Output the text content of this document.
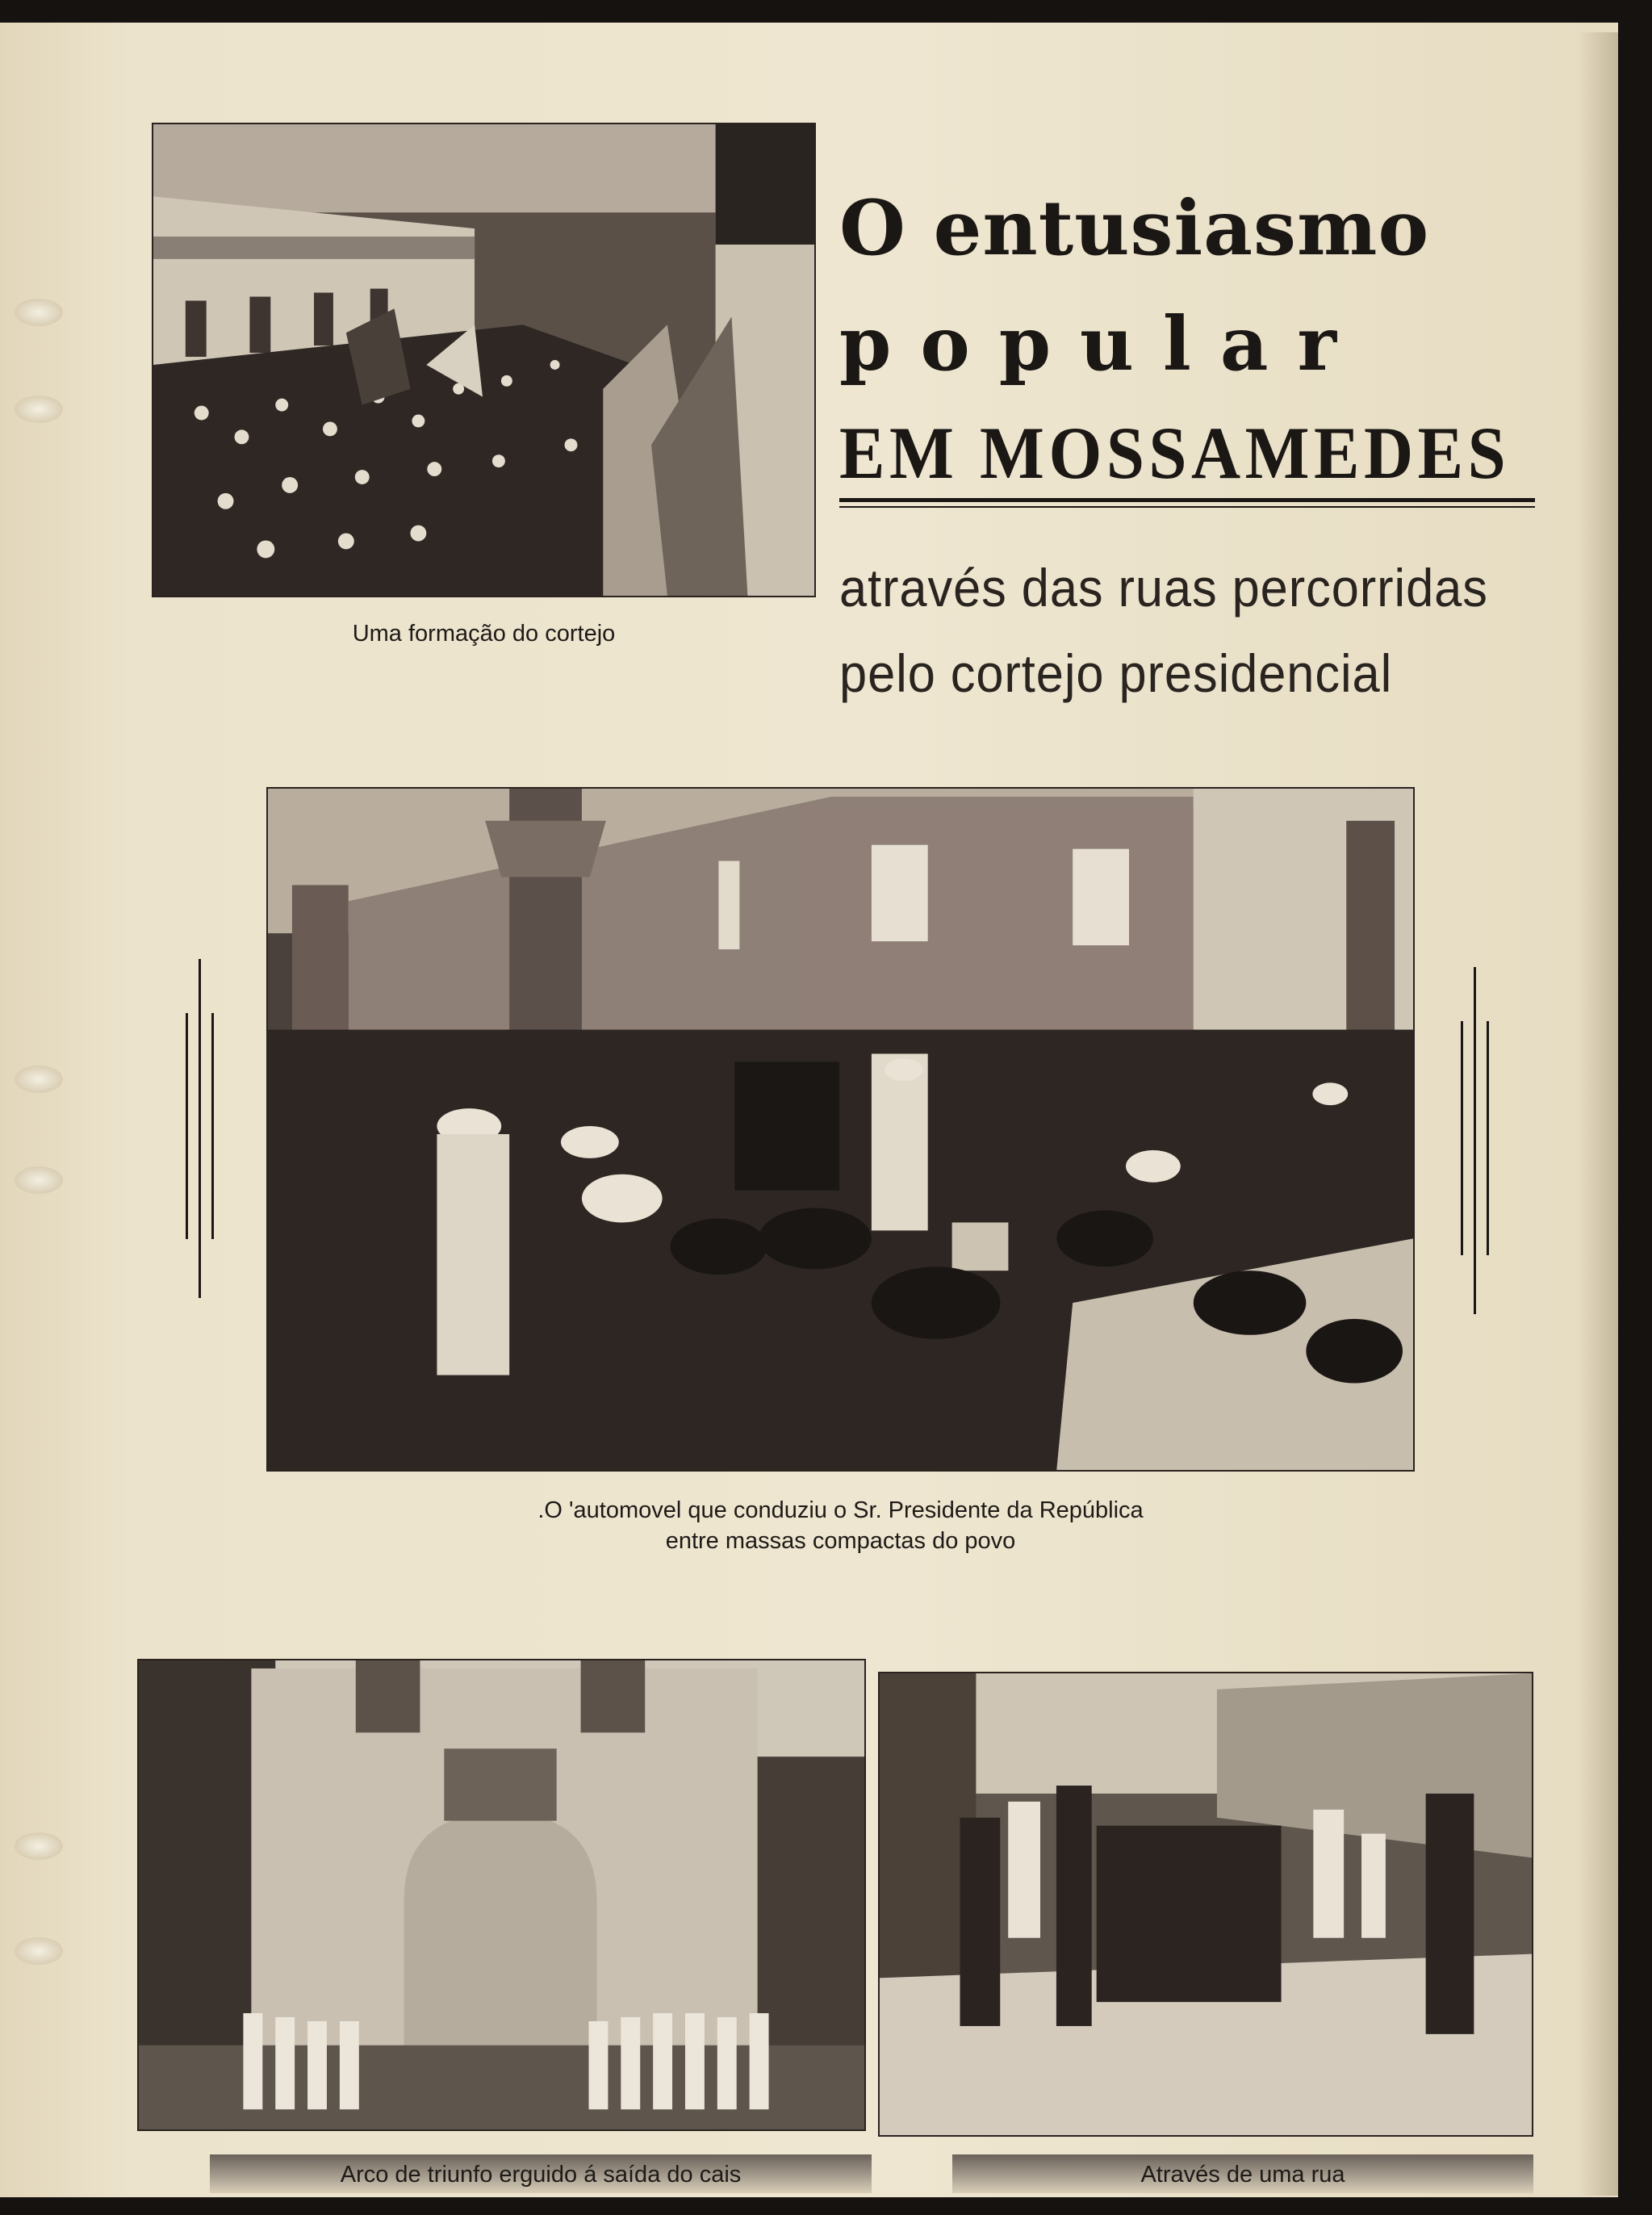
Uma formação do cortejo
O entusiasmo
popular
EM MOSSAMEDES
através das ruas percorridas
pelo cortejo presidencial
.O 'automovel que conduziu o Sr. Presidente da República
entre massas compactas do povo
Arco de triunfo erguido á saída do cais	Através de uma rua
